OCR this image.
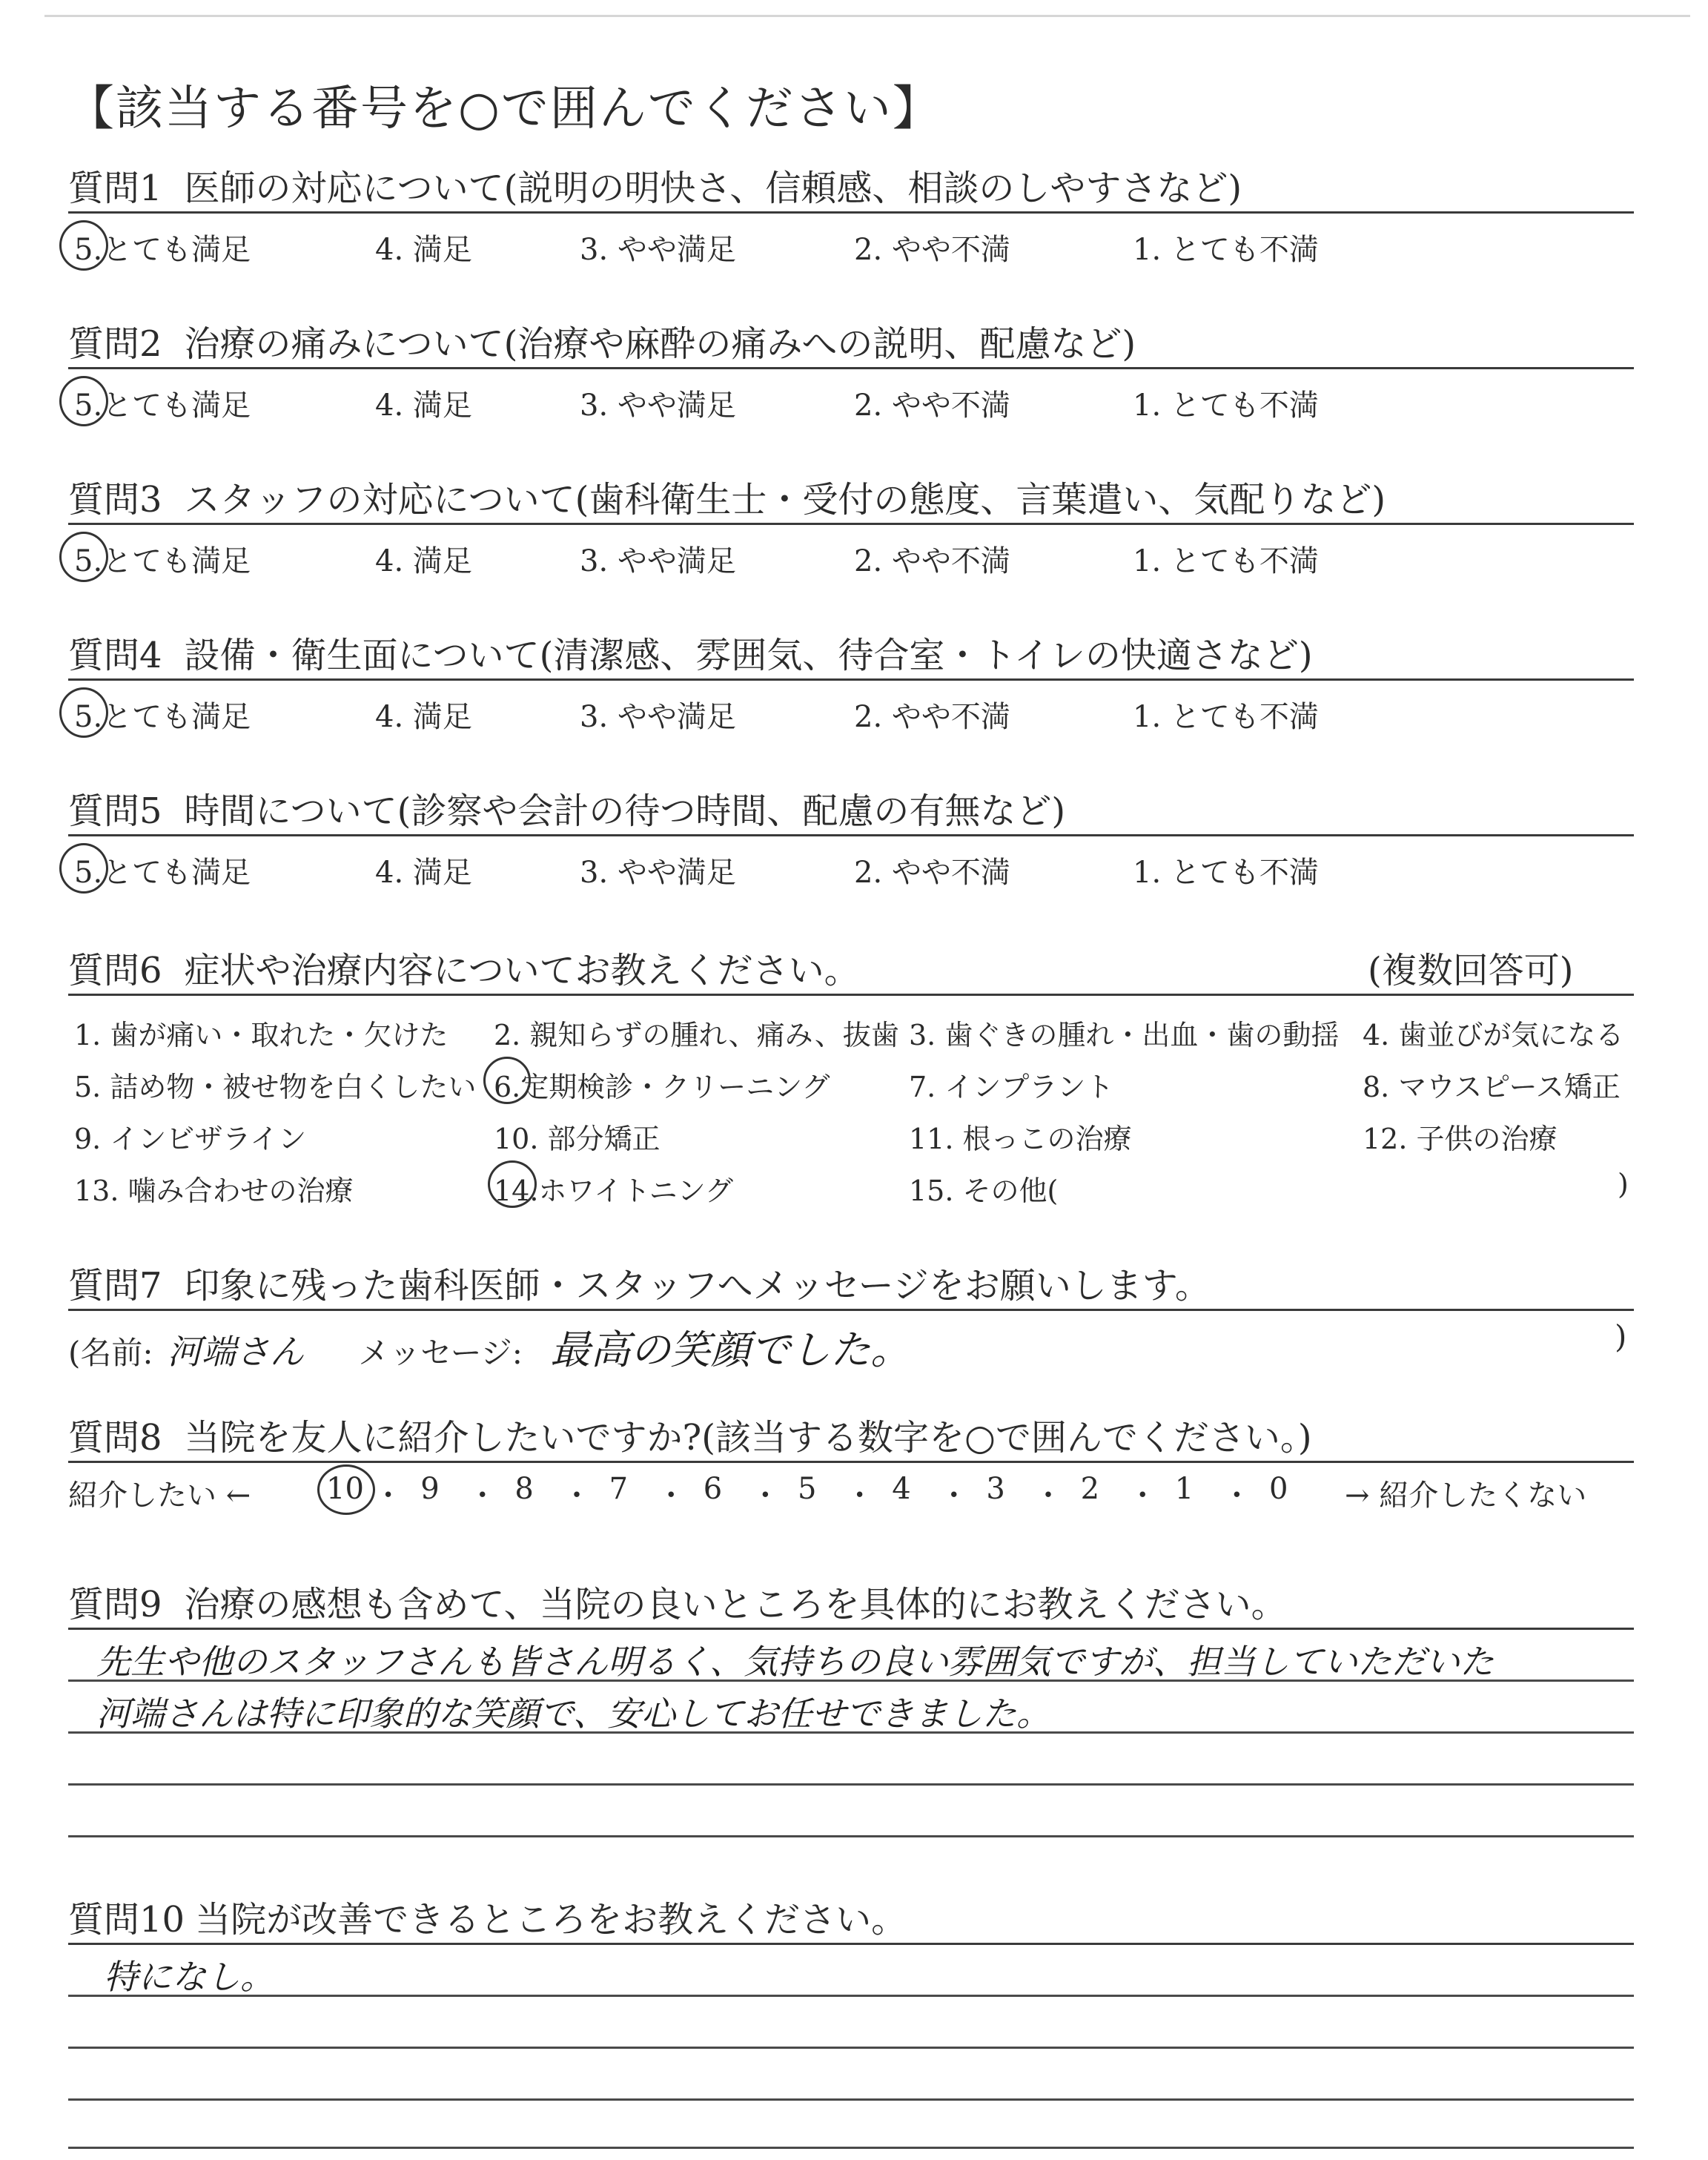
【該当する番号を○で囲んでください】
質問1 医師の対応について(説明の明快さ、信頼感、相談のしやすさなど)
5.とても満足	4. 満足	3. やや満足	2. やや不満	1. とても不満
質問2 治療の痛みについて(治療や麻酔の痛みへの説明、配慮など)
5.とても満足	4. 満足	3. やや満足	2. やや不満	1. とても不満
質問3 スタッフの対応について(歯科衛生士・受付の態度、言葉遣い、気配りなど)
5.とても満足	4. 満足	3. やや満足	2. やや不満	1. とても不満
質問4 設備・衛生面について(清潔感、雰囲気、待合室・トイレの快適さなど)
5.とても満足	4. 満足	3. やや満足	2. やや不満	1. とても不満
質問5 時間について(診察や会計の待つ時間、配慮の有無など)
5.とても満足	4. 満足	3. やや満足	2. やや不満	1. とても不満
質問6 症状や治療内容についてお教えください。	(複数回答可)
1. 歯が痛い・取れた・欠けた 2. 親知らずの腫れ、痛み、抜歯 3. 歯ぐきの腫れ・出血・歯の動揺 4. 歯並びが気になる
5. 詰め物・被せ物を白くしたい 6.定期検診・クリーニング	7. インプラント	8. マウスピース矯正
9. インビザライン	10. 部分矯正	11. 根っこの治療	12. 子供の治療
13. 噛み合わせの治療	14.ホワイトニング	15. その他(	)
質問7 印象に残った歯科医師・スタッフへメッセージをお願いします。
(名前: 河端さん メッセージ: 最高の笑顔でした。	)
質問8 当院を友人に紹介したいですか?(該当する数字を○で囲んでください。)
紹介したい ←	→ 紹介したくない
10 ・ 9 ・ 8 ・ 7 ・ 6 ・ 5 ・ 4 ・ 3 ・ 2 ・ 1 ・ 0
質問9 治療の感想も含めて、当院の良いところを具体的にお教えください。
先生や他のスタッフさんも皆さん明るく、気持ちの良い雰囲気ですが、担当していただいた
河端さんは特に印象的な笑顔で、安心してお任せできました。
質問10 当院が改善できるところをお教えください。
特になし。
